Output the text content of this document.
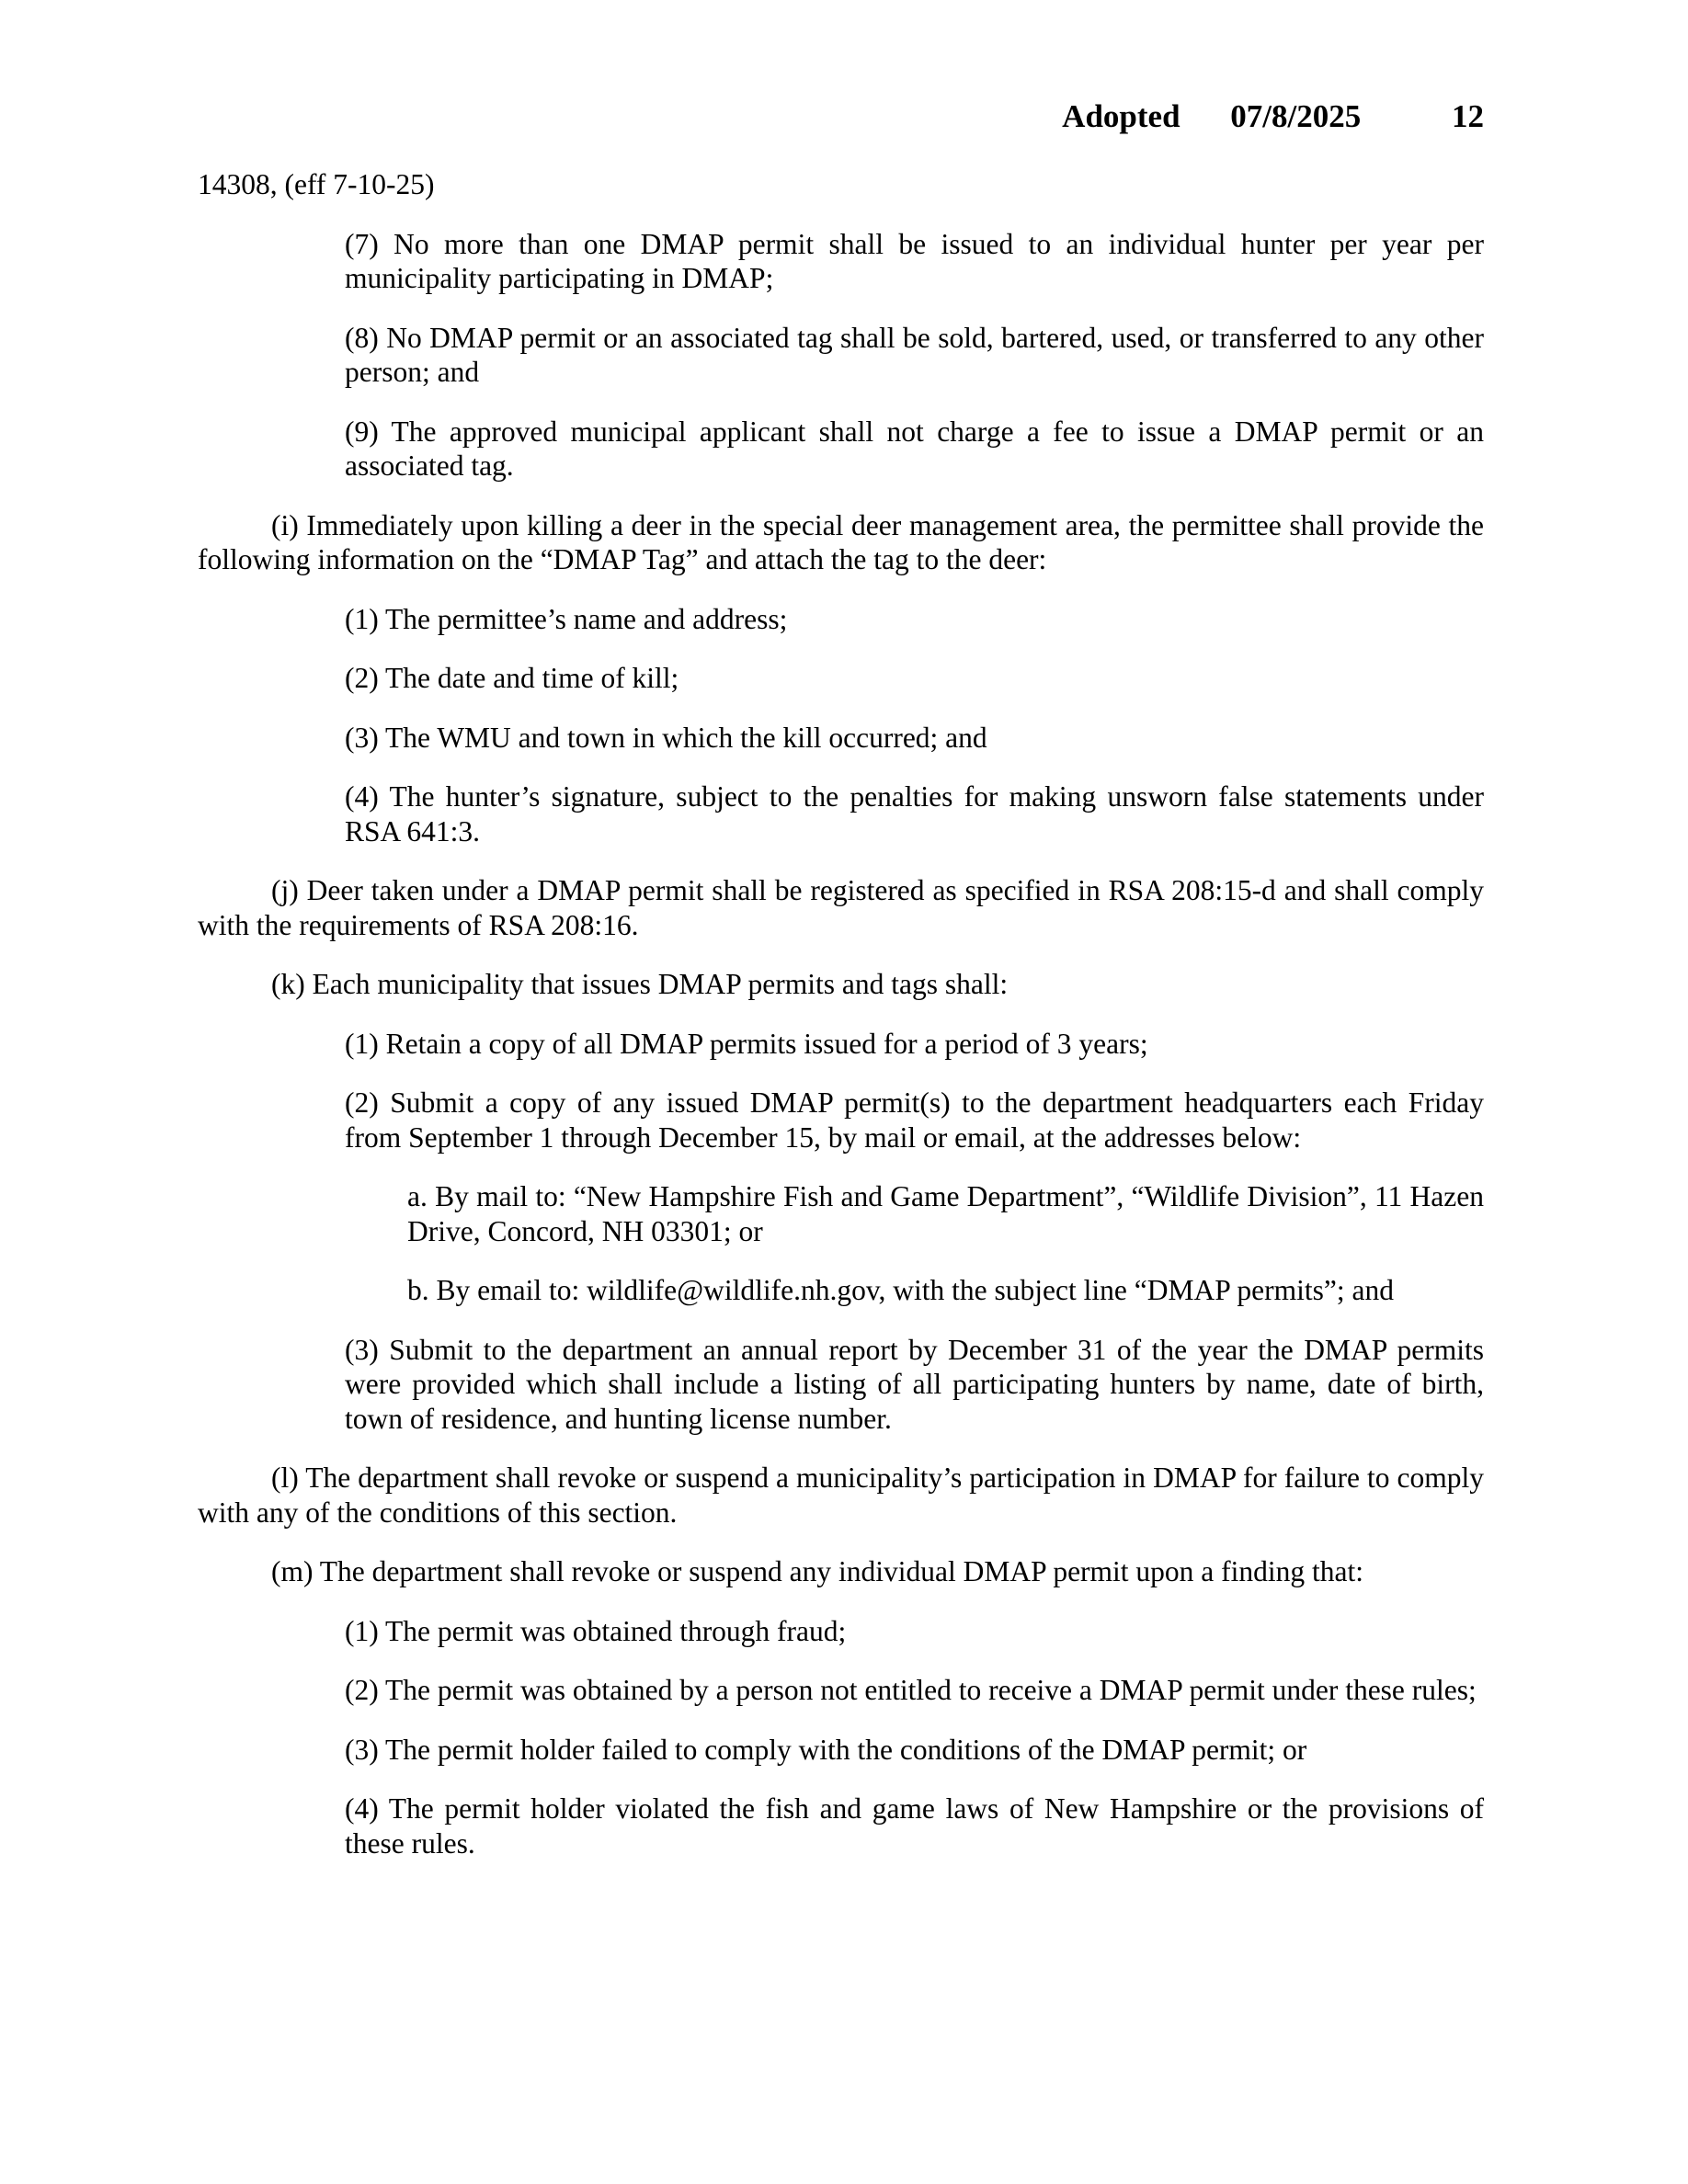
Adopted 07/8/2025	12

14308, (eff 7-10-25)

(7) No more than one DMAP permit shall be issued to an individual hunter per year per municipality participating in DMAP;

(8) No DMAP permit or an associated tag shall be sold, bartered, used, or transferred to any other person; and

(9) The approved municipal applicant shall not charge a fee to issue a DMAP permit or an associated tag.

(i) Immediately upon killing a deer in the special deer management area, the permittee shall provide the following information on the “DMAP Tag” and attach the tag to the deer:

(1) The permittee’s name and address;

(2) The date and time of kill;

(3) The WMU and town in which the kill occurred; and

(4) The hunter’s signature, subject to the penalties for making unsworn false statements under RSA 641:3.

(j) Deer taken under a DMAP permit shall be registered as specified in RSA 208:15-d and shall comply with the requirements of RSA 208:16.

(k) Each municipality that issues DMAP permits and tags shall:

(1) Retain a copy of all DMAP permits issued for a period of 3 years;

(2) Submit a copy of any issued DMAP permit(s) to the department headquarters each Friday from September 1 through December 15, by mail or email, at the addresses below:

a. By mail to: “New Hampshire Fish and Game Department”, “Wildlife Division”, 11 Hazen Drive, Concord, NH 03301; or

b. By email to: wildlife@wildlife.nh.gov, with the subject line “DMAP permits”; and

(3) Submit to the department an annual report by December 31 of the year the DMAP permits were provided which shall include a listing of all participating hunters by name, date of birth, town of residence, and hunting license number.

(l) The department shall revoke or suspend a municipality’s participation in DMAP for failure to comply with any of the conditions of this section.

(m) The department shall revoke or suspend any individual DMAP permit upon a finding that:

(1) The permit was obtained through fraud;

(2) The permit was obtained by a person not entitled to receive a DMAP permit under these rules;

(3) The permit holder failed to comply with the conditions of the DMAP permit; or

(4) The permit holder violated the fish and game laws of New Hampshire or the provisions of these rules.
